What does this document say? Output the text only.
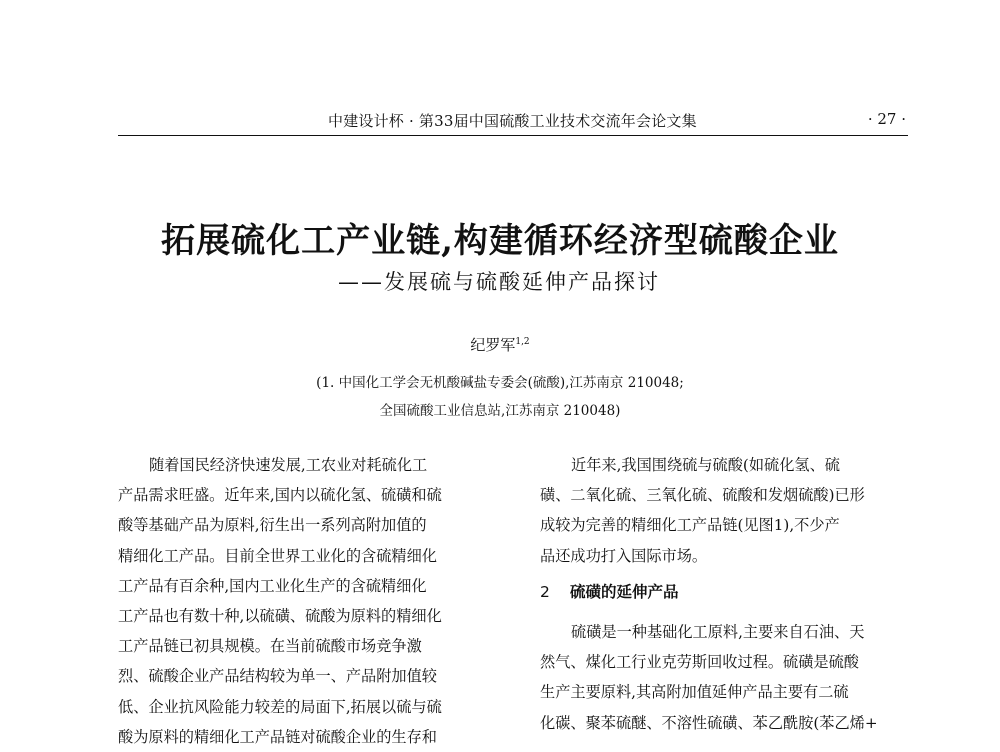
中建设计杯 · 第33届中国硫酸工业技术交流年会论文集	· 27 ·
拓展硫化工产业链,构建循环经济型硫酸企业
——发展硫与硫酸延伸产品探讨
纪罗军$^{1,2}$
(1. 中国化工学会无机酸碱盐专委会(硫酸),江苏南京 210048;
全国硫酸工业信息站,江苏南京 210048)
随着国民经济快速发展,工农业对耗硫化工
产品需求旺盛。近年来,国内以硫化氢、硫磺和硫
酸等基础产品为原料,衍生出一系列高附加值的
精细化工产品。目前全世界工业化的含硫精细化
工产品有百余种,国内工业化生产的含硫精细化
工产品也有数十种,以硫磺、硫酸为原料的精细化
工产品链已初具规模。在当前硫酸市场竞争激
烈、硫酸企业产品结构较为单一、产品附加值较
低、企业抗风险能力较差的局面下,拓展以硫与硫
酸为原料的精细化工产品链对硫酸企业的生存和
近年来,我国围绕硫与硫酸(如硫化氢、硫
磺、二氧化硫、三氧化硫、硫酸和发烟硫酸)已形
成较为完善的精细化工产品链(见图1),不少产
品还成功打入国际市场。
2 硫磺的延伸产品
硫磺是一种基础化工原料,主要来自石油、天
然气、煤化工行业克劳斯回收过程。硫磺是硫酸
生产主要原料,其高附加值延伸产品主要有二硫
化碳、聚苯硫醚、不溶性硫磺、苯乙酰胺(苯乙烯+
